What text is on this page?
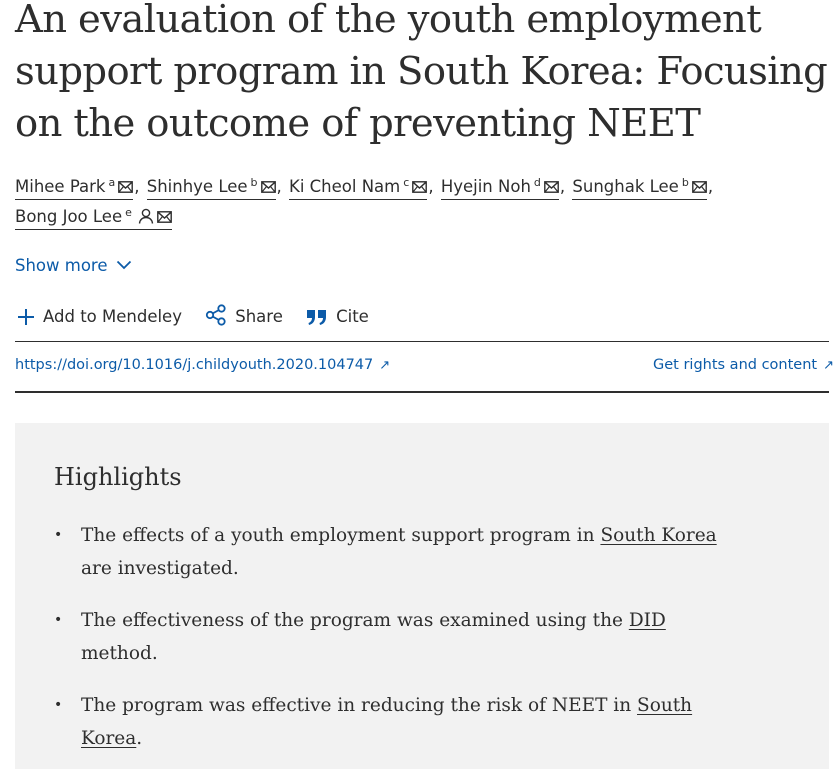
An evaluation of the youth employment
support program in South Korea: Focusing
on the outcome of preventing NEET
Mihee Park $^a$ , Shinhye Lee $^b$ , Ki Cheol Nam $^c$ , Hyejin Noh $^d$ , Sunghak Lee $^b$ ,
Bong Joo Lee $^e$
Show more
Add to Mendeley	Share	Cite
https://doi.org/10.1016/j.childyouth.2020.104747 ↗	Get rights and content ↗
Highlights
• The effects of a youth employment support program in South Korea
are investigated.
• The effectiveness of the program was examined using the DID
method.
• The program was effective in reducing the risk of NEET in South
Korea.
